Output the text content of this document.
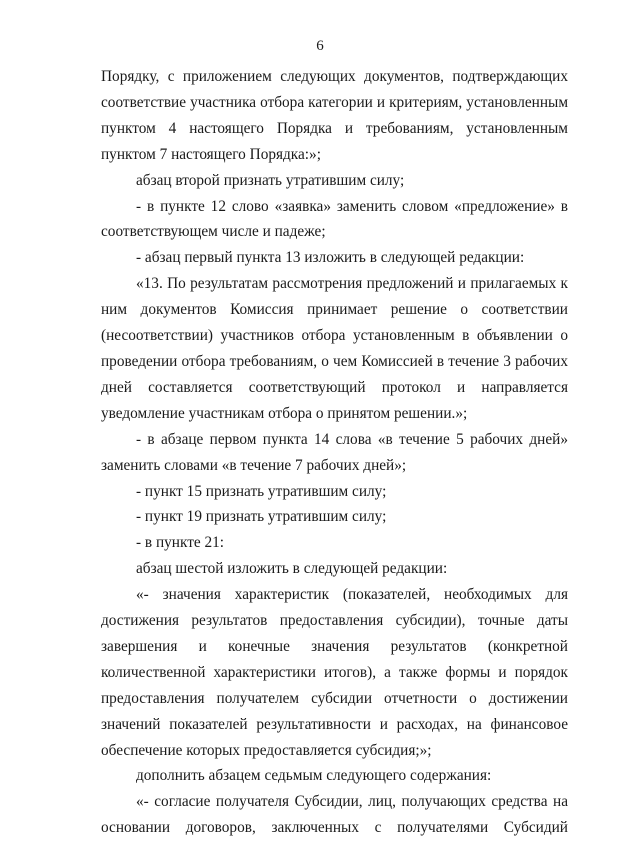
6

Порядку, с приложением следующих документов, подтверждающих соответствие участника отбора категории и критериям, установленным пунктом 4 настоящего Порядка и требованиям, установленным пунктом 7 настоящего Порядка:»;

абзац второй признать утратившим силу;

- в пункте 12 слово «заявка» заменить словом «предложение» в соответствующем числе и падеже;

- абзац первый пункта 13 изложить в следующей редакции:

«13. По результатам рассмотрения предложений и прилагаемых к ним документов Комиссия принимает решение о соответствии (несоответствии) участников отбора установленным в объявлении о проведении отбора требованиям, о чем Комиссией в течение 3 рабочих дней составляется соответствующий протокол и направляется уведомление участникам отбора о принятом решении.»;

- в абзаце первом пункта 14 слова «в течение 5 рабочих дней» заменить словами «в течение 7 рабочих дней»;

- пункт 15 признать утратившим силу;

- пункт 19 признать утратившим силу;

- в пункте 21:

абзац шестой изложить в следующей редакции:

«- значения характеристик (показателей, необходимых для достижения результатов предоставления субсидии), точные даты завершения и конечные значения результатов (конкретной количественной характеристики итогов), а также формы и порядок предоставления получателем субсидии отчетности о достижении значений показателей результативности и расходах, на финансовое обеспечение которых предоставляется субсидия;»;

дополнить абзацем седьмым следующего содержания:

«- согласие получателя Субсидии, лиц, получающих средства на основании договоров, заключенных с получателями Субсидий
